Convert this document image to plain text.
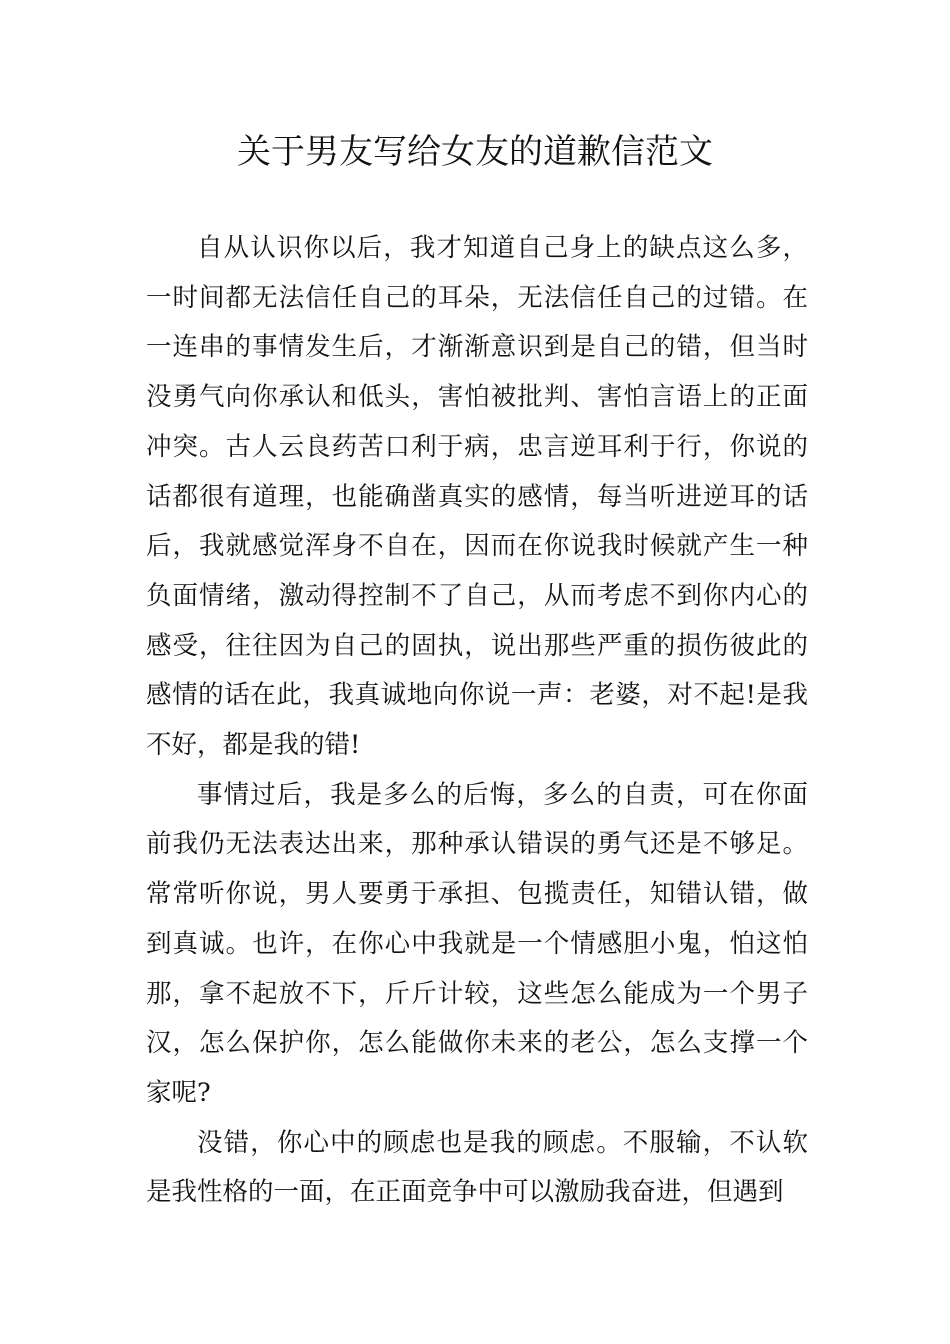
关于男友写给女友的道歉信范文

自从认识你以后，我才知道自己身上的缺点这么多，一时间都无法信任自己的耳朵，无法信任自己的过错。在一连串的事情发生后，才渐渐意识到是自己的错，但当时没勇气向你承认和低头，害怕被批判、害怕言语上的正面冲突。古人云良药苦口利于病，忠言逆耳利于行，你说的话都很有道理，也能确凿真实的感情，每当听进逆耳的话后，我就感觉浑身不自在，因而在你说我时候就产生一种负面情绪，激动得控制不了自己，从而考虑不到你内心的感受，往往因为自己的固执，说出那些严重的损伤彼此的感情的话在此，我真诚地向你说一声：老婆，对不起!是我不好，都是我的错!

事情过后，我是多么的后悔，多么的自责，可在你面前我仍无法表达出来，那种承认错误的勇气还是不够足。常常听你说，男人要勇于承担、包揽责任，知错认错，做到真诚。也许，在你心中我就是一个情感胆小鬼，怕这怕那，拿不起放不下，斤斤计较，这些怎么能成为一个男子汉，怎么保护你，怎么能做你未来的老公，怎么支撑一个家呢?

没错，你心中的顾虑也是我的顾虑。不服输，不认软是我性格的一面，在正面竞争中可以激励我奋进，但遇到
